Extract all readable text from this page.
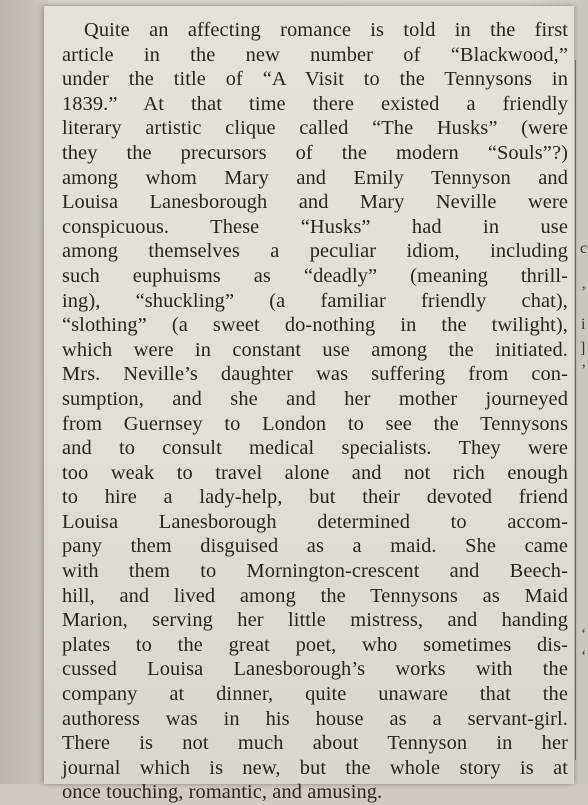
Quite an affecting romance is told in the first
article in the new number of “Blackwood,”
under the title of “A Visit to the Tennysons in
1839.” At that time there existed a friendly
literary artistic clique called “The Husks” (were
they the precursors of the modern “Souls”?)
among whom Mary and Emily Tennyson and
Louisa Lanesborough and Mary Neville were
conspicuous. These “Husks” had in use
among themselves a peculiar idiom, including
such euphuisms as “deadly” (meaning thrill-
ing), “shuckling” (a familiar friendly chat),
“slothing” (a sweet do-nothing in the twilight),
which were in constant use among the initiated.
Mrs. Neville’s daughter was suffering from con-
sumption, and she and her mother journeyed
from Guernsey to London to see the Tennysons
and to consult medical specialists. They were
too weak to travel alone and not rich enough
to hire a lady-help, but their devoted friend
Louisa Lanesborough determined to accom-
pany them disguised as a maid. She came
with them to Mornington-crescent and Beech-
hill, and lived among the Tennysons as Maid
Marion, serving her little mistress, and handing
plates to the great poet, who sometimes dis-
cussed Louisa Lanesborough’s works with the
company at dinner, quite unaware that the
authoress was in his house as a servant-girl.
There is not much about Tennyson in her
journal which is new, but the whole story is at
once touching, romantic, and amusing.
c
’
i
]
’
‘
‘
